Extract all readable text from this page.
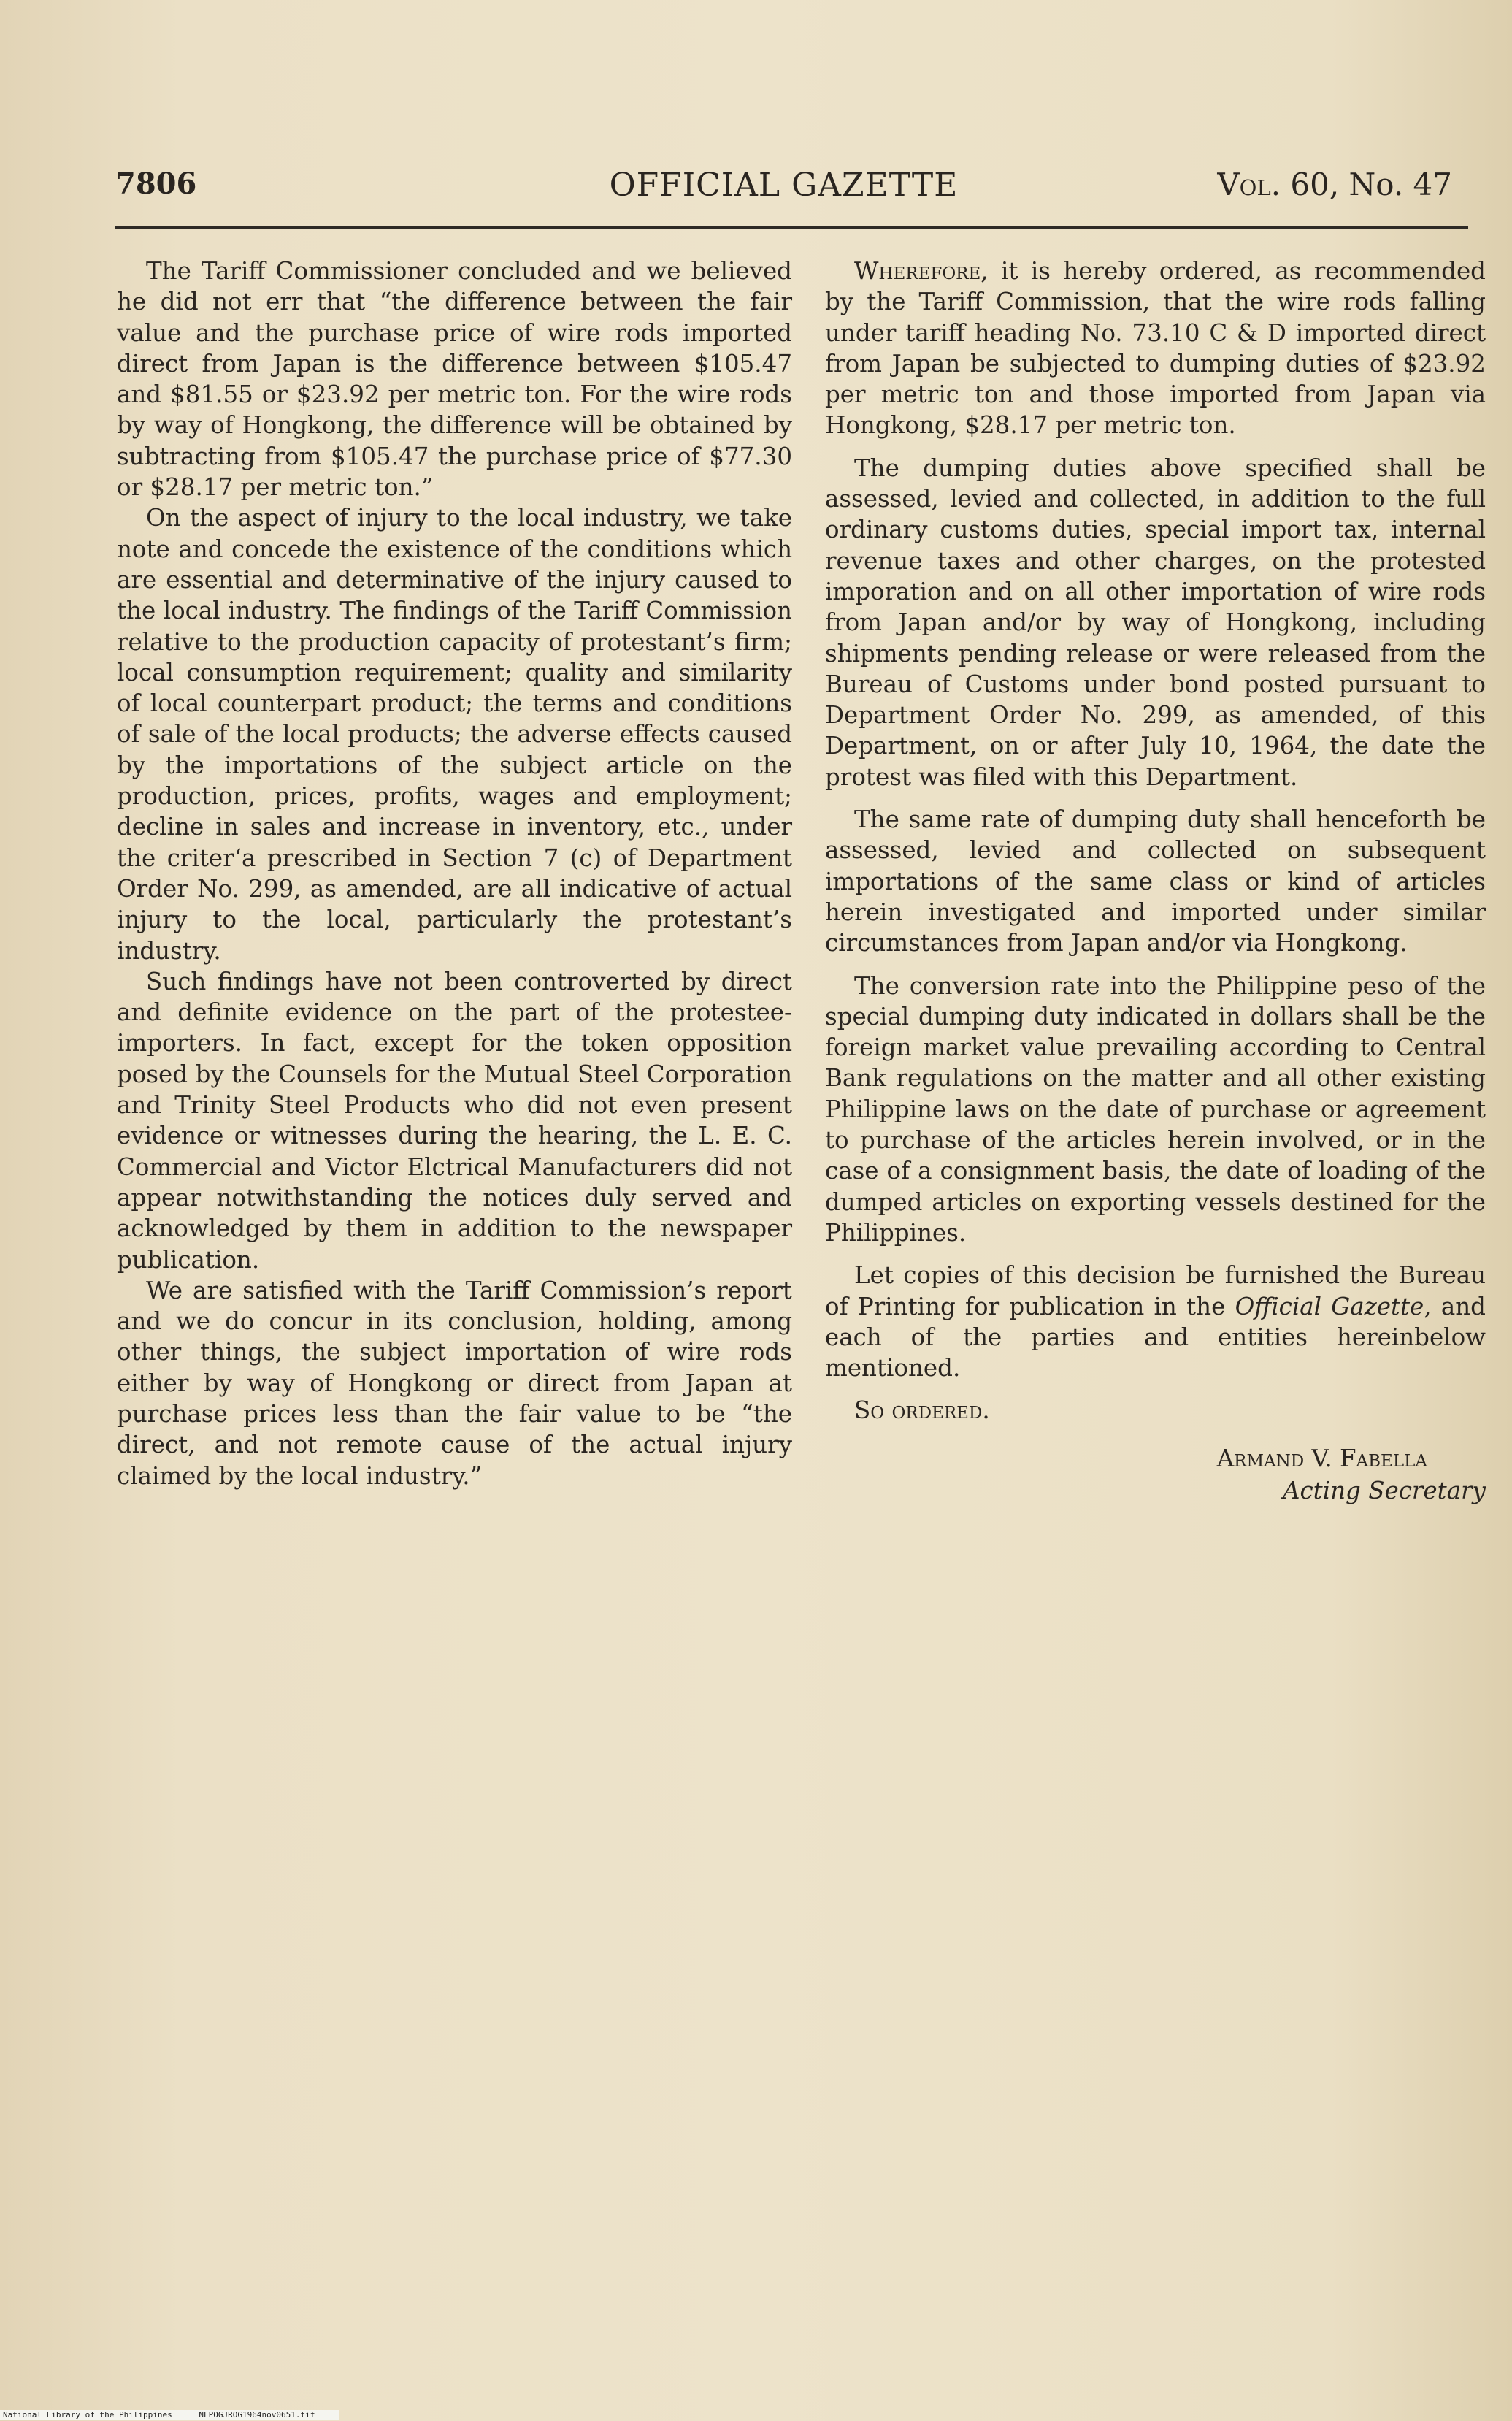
7806	OFFICIAL GAZETTE	Vol. 60, No. 47

The Tariff Commissioner concluded and we believed he did not err that “the difference between the fair value and the purchase price of wire rods imported direct from Japan is the difference between $105.47 and $81.55 or $23.92 per metric ton. For the wire rods by way of Hongkong, the difference will be obtained by subtracting from $105.47 the purchase price of $77.30 or $28.17 per metric ton.”

On the aspect of injury to the local industry, we take note and concede the existence of the conditions which are essential and determinative of the injury caused to the local industry. The findings of the Tariff Commission relative to the production capacity of protestant’s firm; local consumption requirement; quality and similarity of local counterpart product; the terms and conditions of sale of the local products; the adverse effects caused by the importations of the subject article on the production, prices, profits, wages and employment; decline in sales and increase in inventory, etc., under the criter‘a prescribed in Section 7 (c) of Department Order No. 299, as amended, are all indicative of actual injury to the local, particularly the protestant’s industry.

Such findings have not been controverted by direct and definite evidence on the part of the protestee-importers. In fact, except for the token opposition posed by the Counsels for the Mutual Steel Corporation and Trinity Steel Products who did not even present evidence or witnesses during the hearing, the L. E. C. Commercial and Victor Elctrical Manufacturers did not appear notwithstanding the notices duly served and acknowledged by them in addition to the newspaper publication.

We are satisfied with the Tariff Commission’s report and we do concur in its conclusion, holding, among other things, the subject importation of wire rods either by way of Hongkong or direct from Japan at purchase prices less than the fair value to be “the direct, and not remote cause of the actual injury claimed by the local industry.”

Wherefore, it is hereby ordered, as recommended by the Tariff Commission, that the wire rods falling under tariff heading No. 73.10 C & D imported direct from Japan be subjected to dumping duties of $23.92 per metric ton and those imported from Japan via Hongkong, $28.17 per metric ton.

The dumping duties above specified shall be assessed, levied and collected, in addition to the full ordinary customs duties, special import tax, internal revenue taxes and other charges, on the protested imporation and on all other importation of wire rods from Japan and/or by way of Hongkong, including shipments pending release or were released from the Bureau of Customs under bond posted pursuant to Department Order No. 299, as amended, of this Department, on or after July 10, 1964, the date the protest was filed with this Department.

The same rate of dumping duty shall henceforth be assessed, levied and collected on subsequent importations of the same class or kind of articles herein investigated and imported under similar circumstances from Japan and/or via Hongkong.

The conversion rate into the Philippine peso of the special dumping duty indicated in dollars shall be the foreign market value prevailing according to Central Bank regulations on the matter and all other existing Philippine laws on the date of purchase or agreement to purchase of the articles herein involved, or in the case of a consignment basis, the date of loading of the dumped articles on exporting vessels destined for the Philippines.

Let copies of this decision be furnished the Bureau of Printing for publication in the Official Gazette, and each of the parties and entities hereinbelow mentioned.

So ordered.

Armand V. Fabella
Acting Secretary
National Library of the Philippines	NLPOGJROG1964nov0651.tif
